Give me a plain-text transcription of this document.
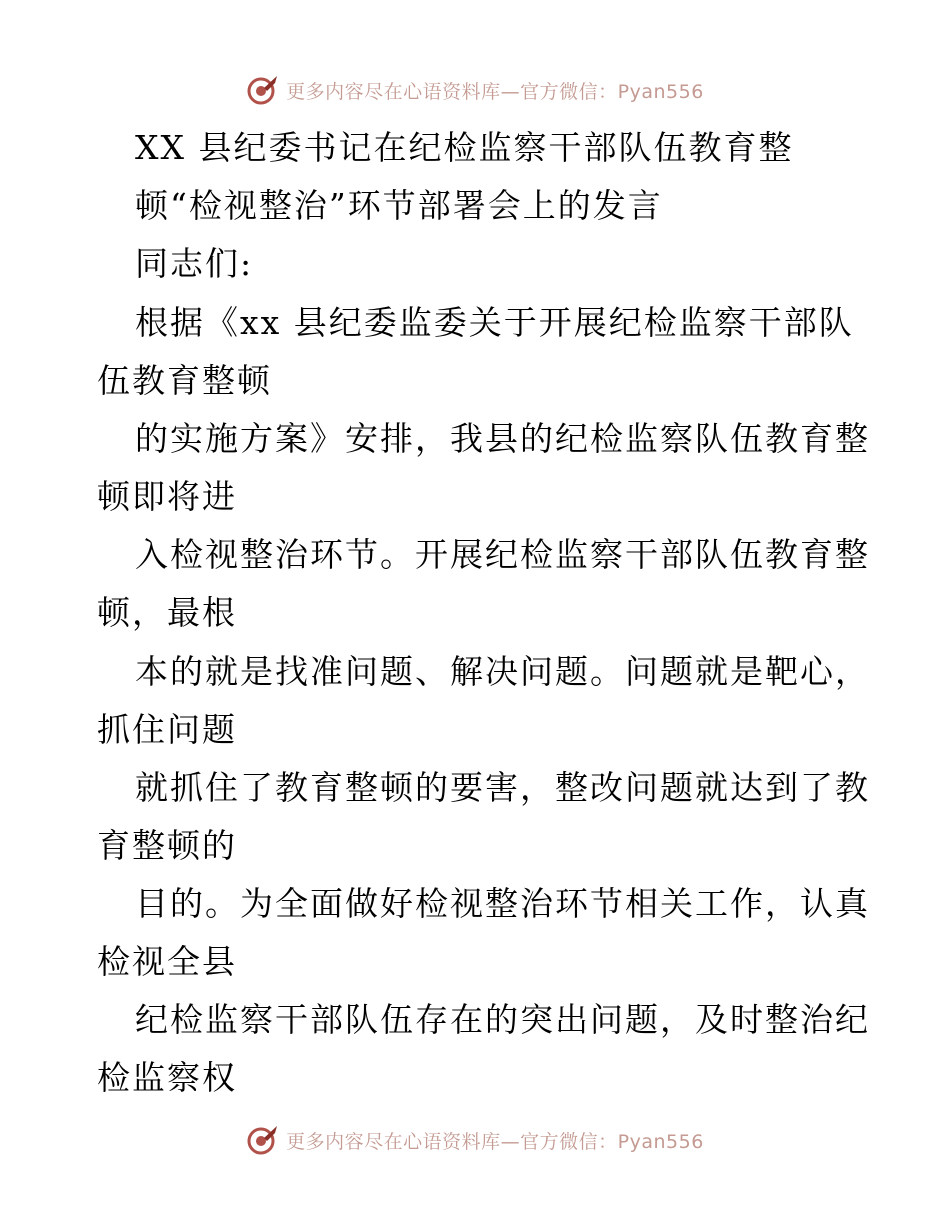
更多内容尽在心语资料库—官方微信：Pyan556
XX 县纪委书记在纪检监察干部队伍教育整
顿“检视整治”环节部署会上的发言
同志们:
根据《xx 县纪委监委关于开展纪检监察干部队
伍教育整顿
的实施方案》安排，我县的纪检监察队伍教育整
顿即将进
入检视整治环节。开展纪检监察干部队伍教育整
顿，最根
本的就是找准问题、解决问题。问题就是靶心，
抓住问题
就抓住了教育整顿的要害，整改问题就达到了教
育整顿的
目的。为全面做好检视整治环节相关工作，认真
检视全县
纪检监察干部队伍存在的突出问题，及时整治纪
检监察权
更多内容尽在心语资料库—官方微信：Pyan556
